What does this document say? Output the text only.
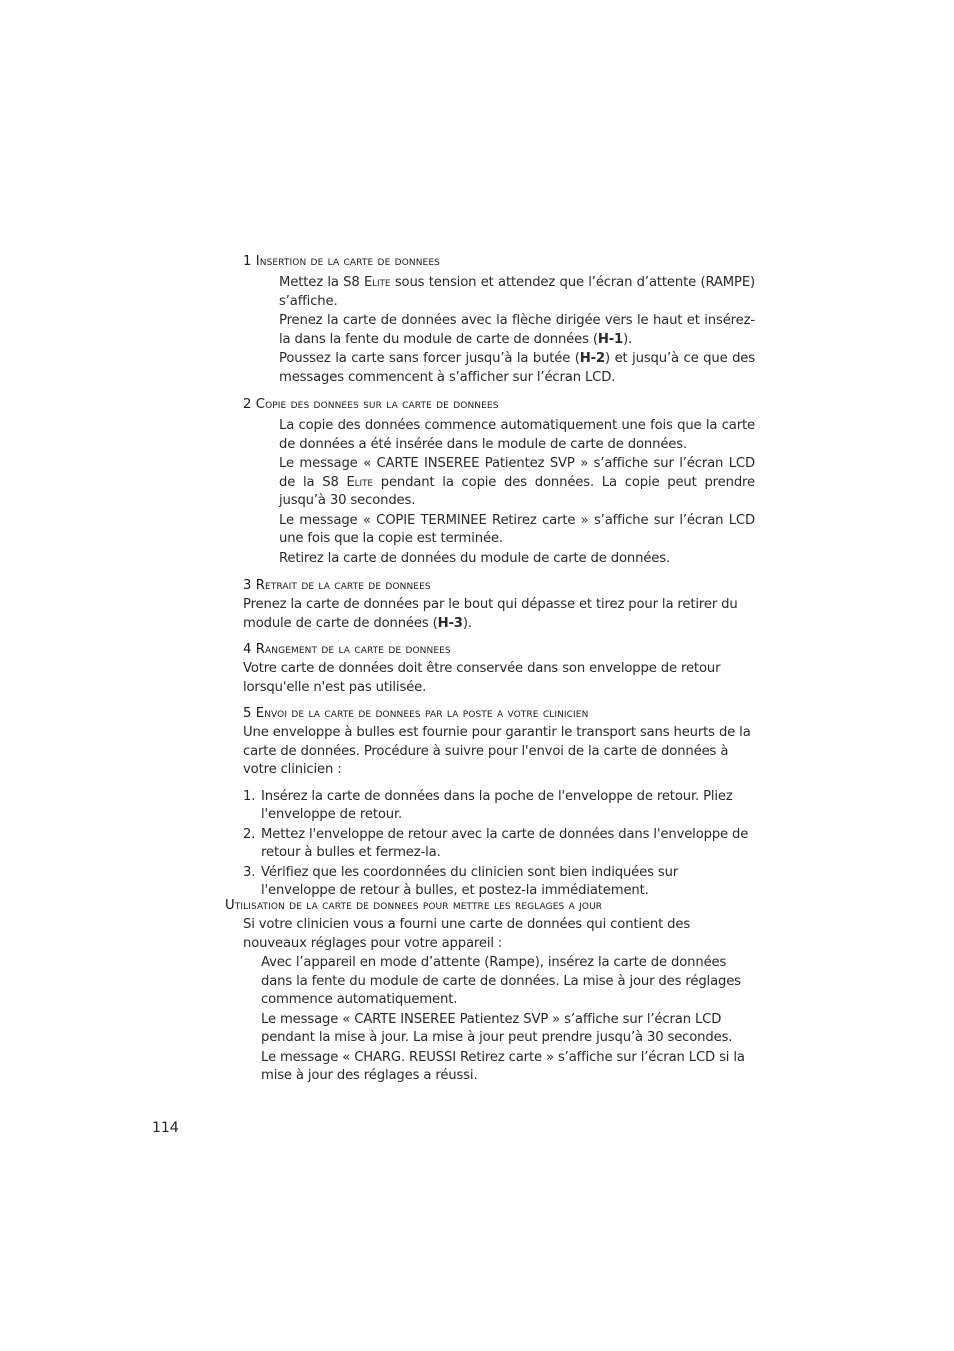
1 Insertion de la carte de donnees

Mettez la S8 Elite sous tension et attendez que l’écran d’attente (RAMPE) s’affiche.

Prenez la carte de données avec la flèche dirigée vers le haut et insérez-la dans la fente du module de carte de données (H-1).

Poussez la carte sans forcer jusqu’à la butée (H-2) et jusqu’à ce que des messages commencent à s’afficher sur l’écran LCD.

2 Copie des donnees sur la carte de donnees

La copie des données commence automatiquement une fois que la carte de données a été insérée dans le module de carte de données.

Le message « CARTE INSEREE Patientez SVP » s’affiche sur l’écran LCD de la S8 Elite pendant la copie des données. La copie peut prendre jusqu’à 30 secondes.

Le message « COPIE TERMINEE Retirez carte » s’affiche sur l’écran LCD une fois que la copie est terminée.

Retirez la carte de données du module de carte de données.

3 Retrait de la carte de donnees

Prenez la carte de données par le bout qui dépasse et tirez pour la retirer du module de carte de données (H-3).

4 Rangement de la carte de donnees

Votre carte de données doit être conservée dans son enveloppe de retour lorsqu'elle n'est pas utilisée.

5 Envoi de la carte de donnees par la poste a votre clinicien

Une enveloppe à bulles est fournie pour garantir le transport sans heurts de la carte de données. Procédure à suivre pour l'envoi de la carte de données à votre clinicien :

1. Insérez la carte de données dans la poche de l'enveloppe de retour. Pliez l'enveloppe de retour.
2. Mettez l'enveloppe de retour avec la carte de données dans l'enveloppe de retour à bulles et fermez-la.
3. Vérifiez que les coordonnées du clinicien sont bien indiquées sur l'enveloppe de retour à bulles, et postez-la immédiatement.
Utilisation de la carte de donnees pour mettre les reglages a jour

Si votre clinicien vous a fourni une carte de données qui contient des nouveaux réglages pour votre appareil :

Avec l’appareil en mode d’attente (Rampe), insérez la carte de données dans la fente du module de carte de données. La mise à jour des réglages commence automatiquement.

Le message « CARTE INSEREE Patientez SVP » s’affiche sur l’écran LCD pendant la mise à jour. La mise à jour peut prendre jusqu’à 30 secondes.

Le message « CHARG. REUSSI Retirez carte » s’affiche sur l’écran LCD si la mise à jour des réglages a réussi.

114
